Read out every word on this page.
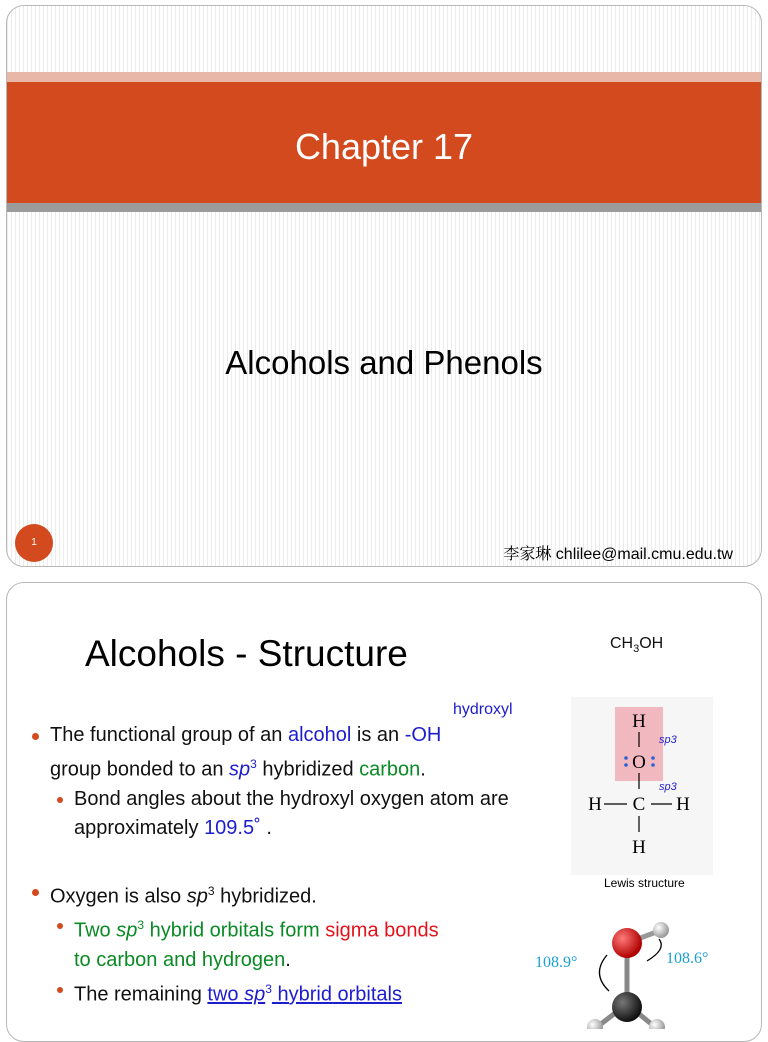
Chapter 17
Alcohols and Phenols
1
李家琳 chlilee@mail.cmu.edu.tw
Alcohols - Structure	$CH_3OH$
hydroxyl
The functional group of an alcohol is an -OH
group bonded to an $sp^3$ hybridized carbon.
Bond angles about the hydroxyl oxygen atom are approximately 109.5˚ .
Oxygen is also $sp^3$ hybridized.
Two $sp^3$ hybrid orbitals form sigma bonds
to carbon and hydrogen.
The remaining two $sp^3$ hybrid orbitals
H
O
sp3
sp3
C
H	H
H
Lewis structure
108.6°
108.9°
